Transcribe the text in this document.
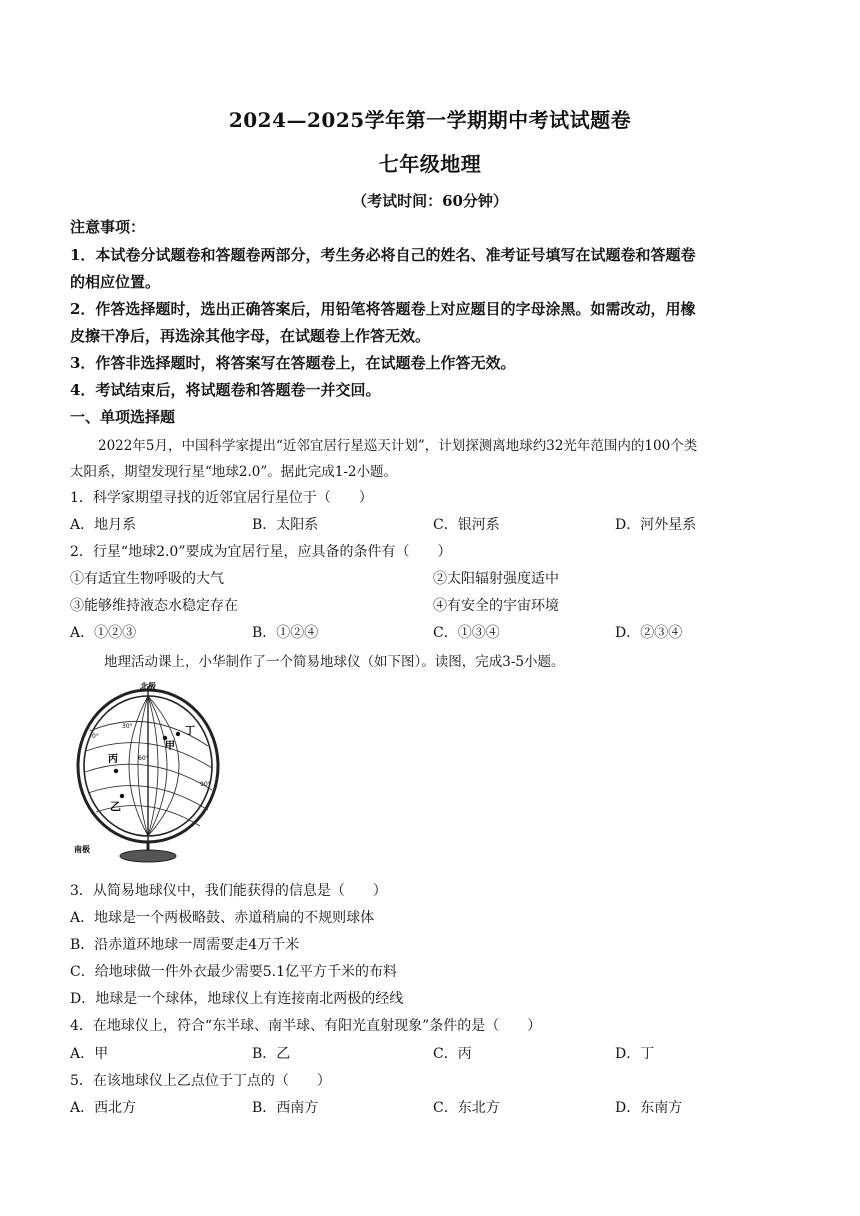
2024—2025学年第一学期期中考试试题卷
七年级地理
（考试时间：60分钟）
注意事项：
1．本试卷分试题卷和答题卷两部分，考生务必将自己的姓名、准考证号填写在试题卷和答题卷
的相应位置。
2．作答选择题时，选出正确答案后，用铅笔将答题卷上对应题目的字母涂黑。如需改动，用橡
皮擦干净后，再选涂其他字母，在试题卷上作答无效。
3．作答非选择题时，将答案写在答题卷上，在试题卷上作答无效。
4．考试结束后，将试题卷和答题卷一并交回。
一、单项选择题
2022年5月，中国科学家提出“近邻宜居行星巡天计划”，计划探测离地球约32光年范围内的100个类
太阳系，期望发现行星“地球2.0”。据此完成1-2小题。
1．科学家期望寻找的近邻宜居行星位于（　　）
A．地月系	B．太阳系	C．银河系	D．河外星系
2．行星“地球2.0”要成为宜居行星，应具备的条件有（　　）
①有适宜生物呼吸的大气	②太阳辐射强度适中
③能够维持液态水稳定存在	④有安全的宇宙环境
A．①②③	B．①②④	C．①③④	D．②③④
地理活动课上，小华制作了一个简易地球仪（如下图）。读图，完成3-5小题。
北极
南极
甲
丁
丙
乙
0°
30°
60°
90°
3．从简易地球仪中，我们能获得的信息是（　　）
A．地球是一个两极略鼓、赤道稍扁的不规则球体
B．沿赤道环地球一周需要走4万千米
C．给地球做一件外衣最少需要5.1亿平方千米的布料
D．地球是一个球体，地球仪上有连接南北两极的经线
4．在地球仪上，符合“东半球、南半球、有阳光直射现象”条件的是（　　）
A．甲	B．乙	C．丙	D．丁
5．在该地球仪上乙点位于丁点的（　　）
A．西北方	B．西南方	C．东北方	D．东南方
